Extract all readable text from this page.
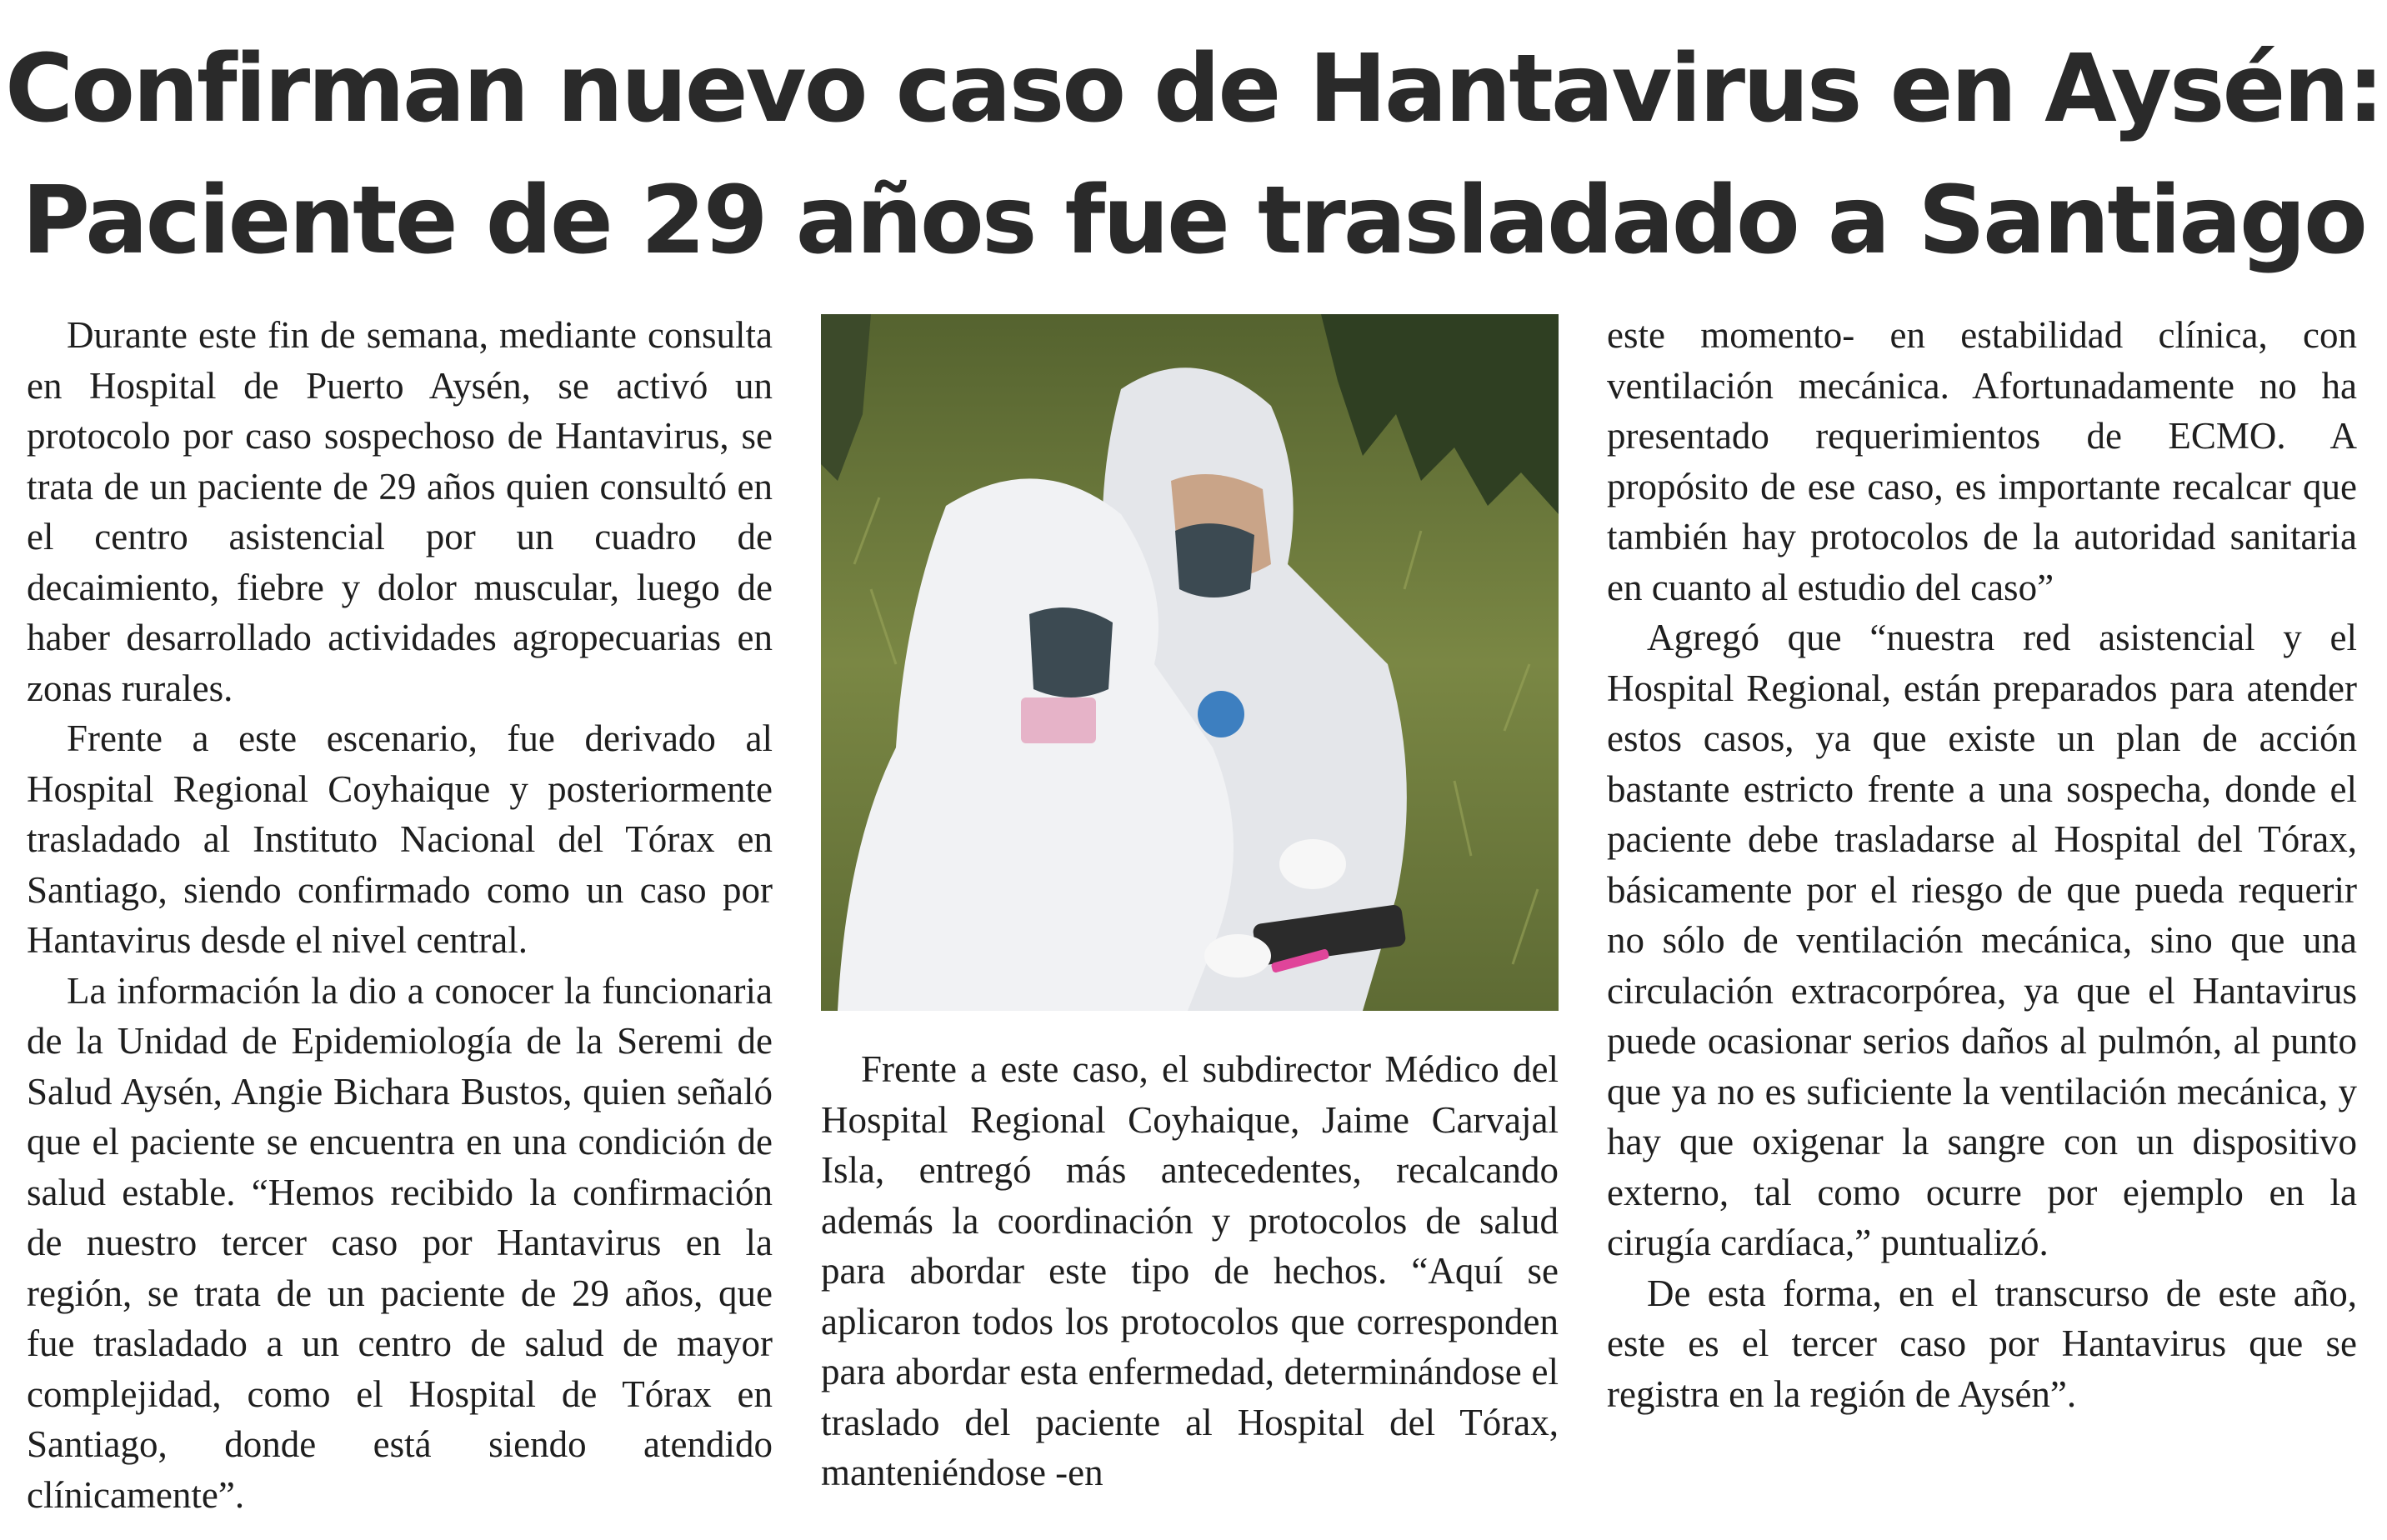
Confirman nuevo caso de Hantavirus en Aysén:
Paciente de 29 años fue trasladado a Santiago

Durante este fin de semana, mediante consulta en Hospital de Puerto Aysén, se activó un protocolo por caso sospechoso de Hantavirus, se trata de un paciente de 29 años quien consultó en el centro asistencial por un cuadro de decaimiento, fiebre y dolor muscular, luego de haber desarrollado actividades agropecuarias en zonas rurales.

Frente a este escenario, fue derivado al Hospital Regional Coyhaique y posteriormente trasladado al Instituto Nacional del Tórax en Santiago, siendo confirmado como un caso por Hantavirus desde el nivel central.

La información la dio a conocer la funcionaria de la Unidad de Epidemiología de la Seremi de Salud Aysén, Angie Bichara Bustos, quien señaló que el paciente se encuentra en una condición de salud estable. “Hemos recibido la confirmación de nuestro tercer caso por Hantavirus en la región, se trata de un paciente de 29 años, que fue trasladado a un centro de salud de mayor complejidad, como el Hospital de Tórax en Santiago, donde está siendo atendido clínicamente”.

Frente a este caso, el subdirector Médico del Hospital Regional Coyhaique, Jaime Carvajal Isla, entregó más antecedentes, recalcando además la coordinación y protocolos de salud para abordar este tipo de hechos. “Aquí se aplicaron todos los protocolos que corresponden para abordar esta enfermedad, determinándose el traslado del paciente al Hospital del Tórax, manteniéndose -en

este momento- en estabilidad clínica, con ventilación mecánica. Afortunadamente no ha presentado requerimientos de ECMO. A propósito de ese caso, es importante recalcar que también hay protocolos de la autoridad sanitaria en cuanto al estudio del caso”

Agregó que “nuestra red asistencial y el Hospital Regional, están preparados para atender estos casos, ya que existe un plan de acción bastante estricto frente a una sospecha, donde el paciente debe trasladarse al Hospital del Tórax, básicamente por el riesgo de que pueda requerir no sólo de ventilación mecánica, sino que una circulación extracorpórea, ya que el Hantavirus puede ocasionar serios daños al pulmón, al punto que ya no es suficiente la ventilación mecánica, y hay que oxigenar la sangre con un dispositivo externo, tal como ocurre por ejemplo en la cirugía cardíaca,” puntualizó.

De esta forma, en el transcurso de este año, este es el tercer caso por Hantavirus que se registra en la región de Aysén”.
